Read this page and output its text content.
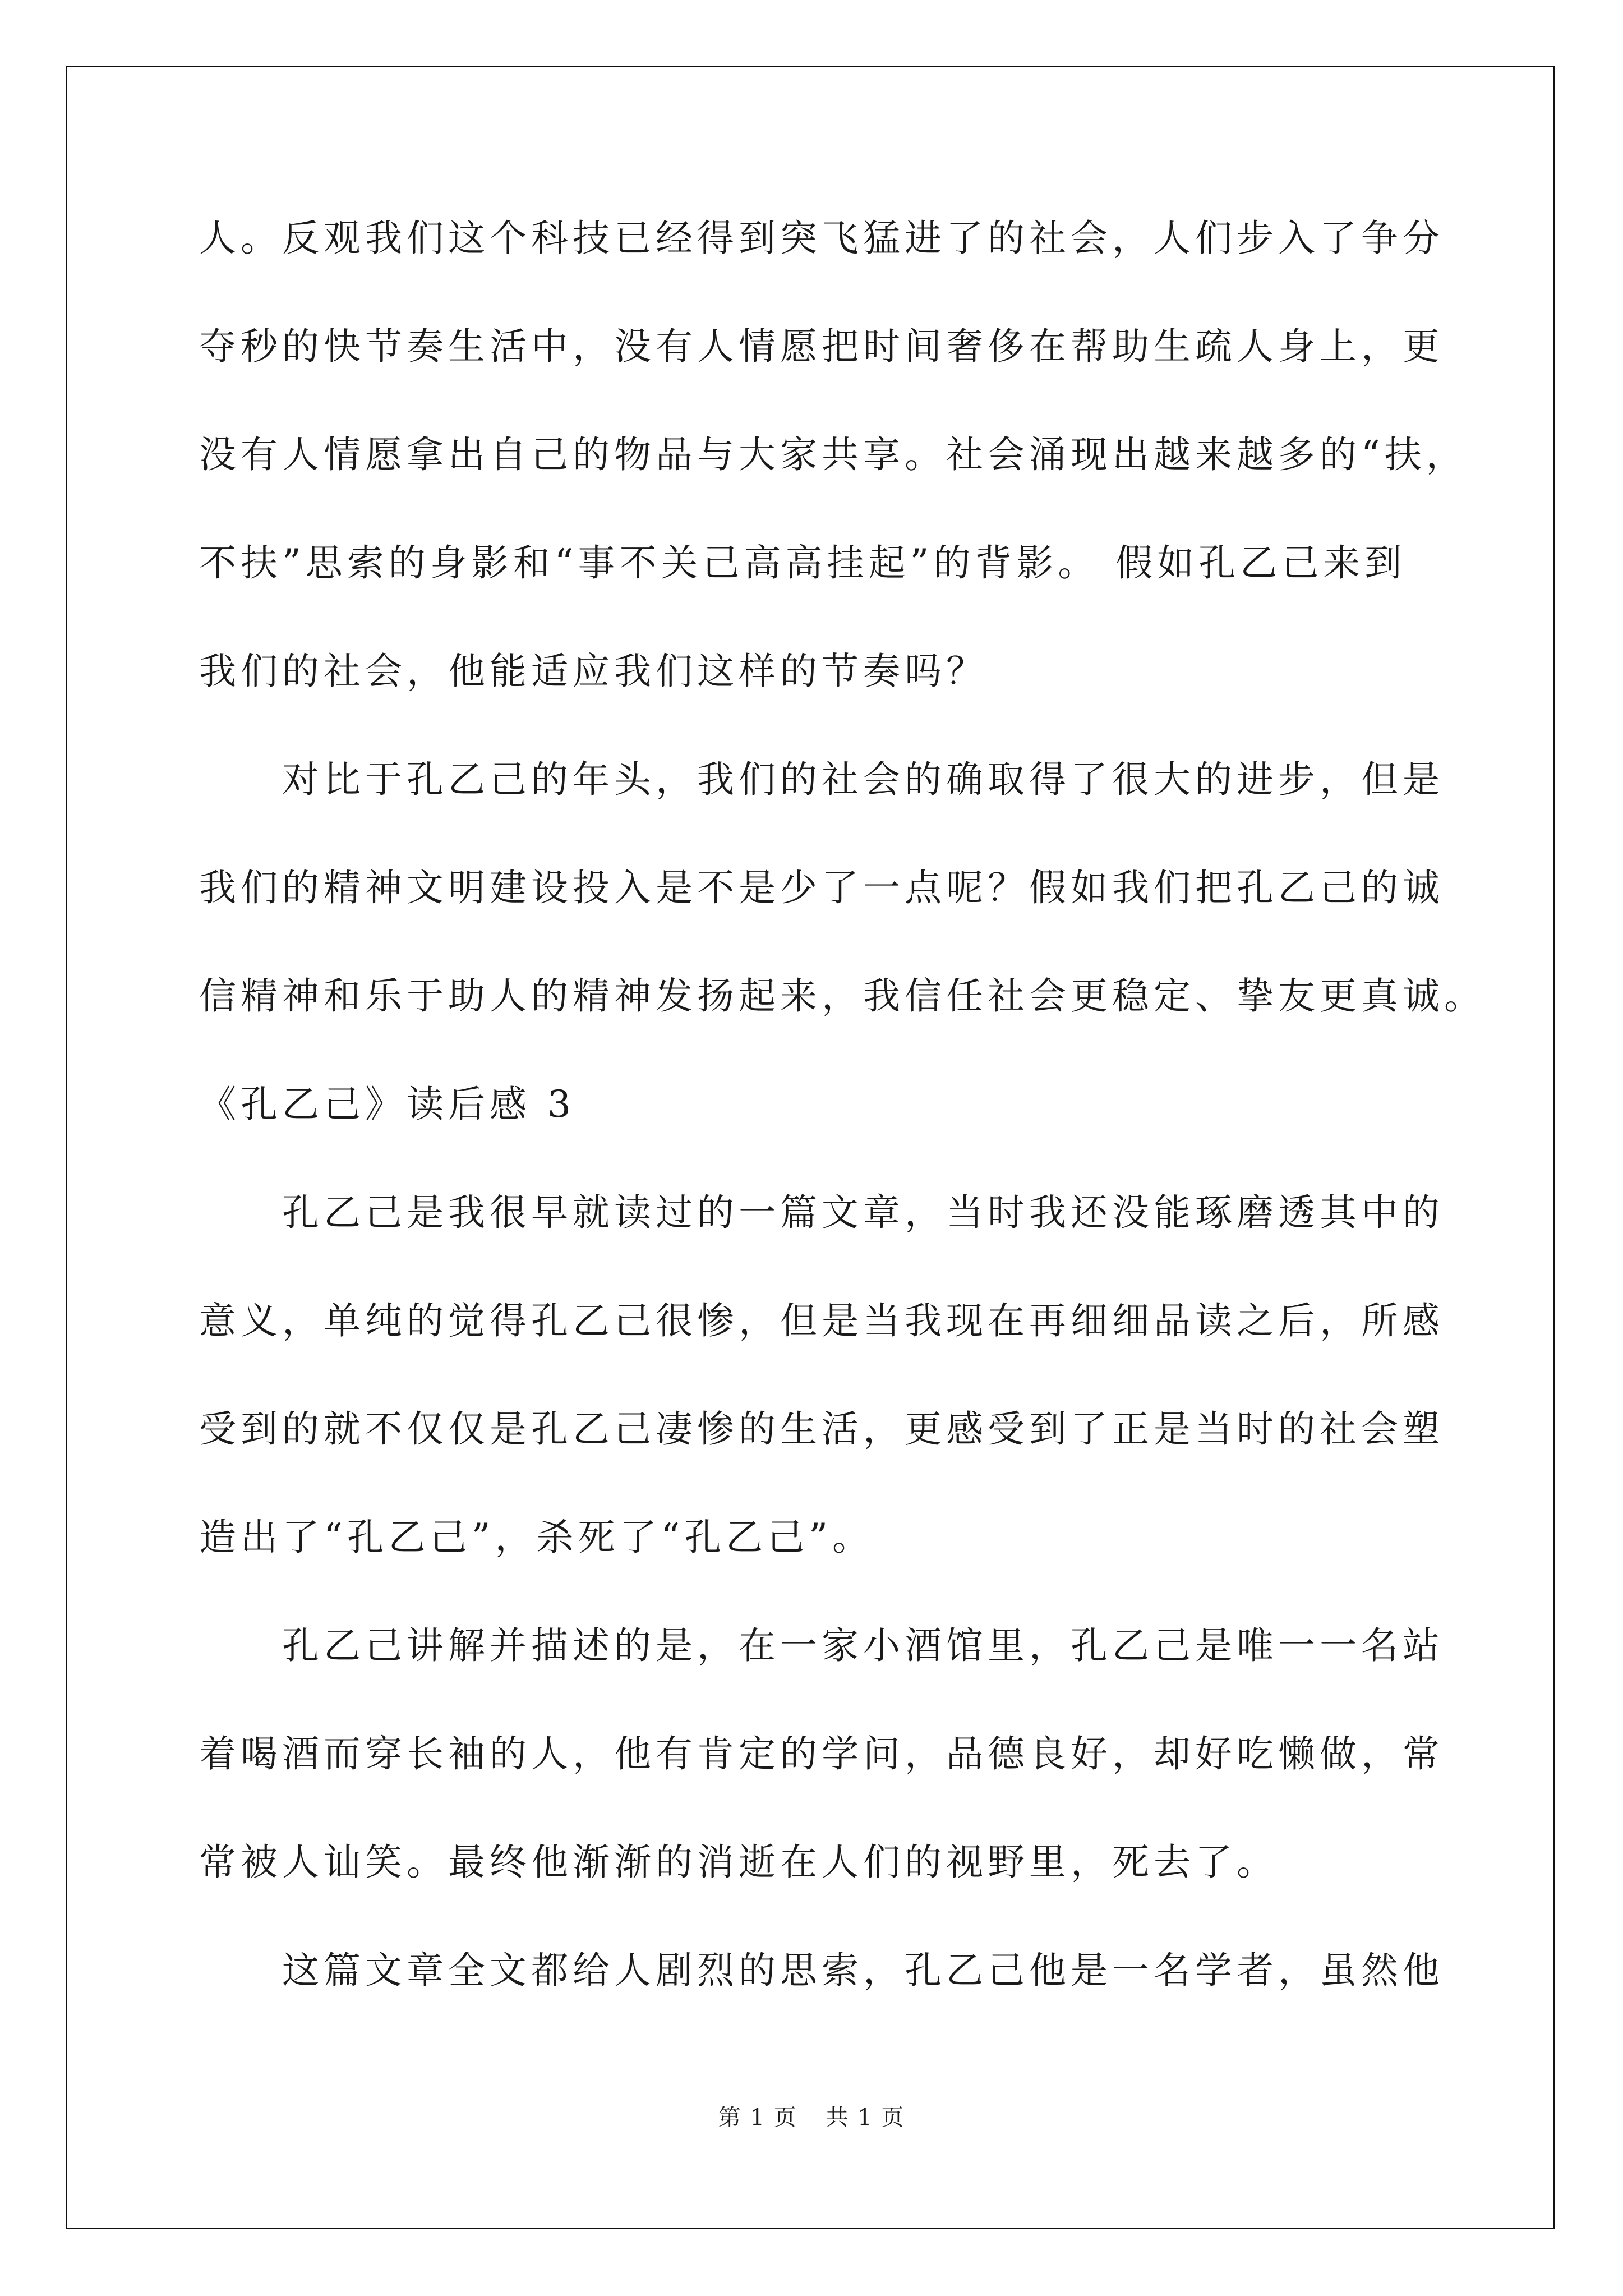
人。反观我们这个科技已经得到突飞猛进了的社会，人们步入了争分
夺秒的快节奏生活中，没有人情愿把时间奢侈在帮助生疏人身上，更
没有人情愿拿出自己的物品与大家共享。社会涌现出越来越多的“扶，
不扶”思索的身影和“事不关己高高挂起”的背影。 假如孔乙己来到
我们的社会，他能适应我们这样的节奏吗？
　　对比于孔乙己的年头，我们的社会的确取得了很大的进步，但是
我们的精神文明建设投入是不是少了一点呢？假如我们把孔乙己的诚
信精神和乐于助人的精神发扬起来，我信任社会更稳定、挚友更真诚。
《孔乙己》读后感 3
　　孔乙己是我很早就读过的一篇文章，当时我还没能琢磨透其中的
意义，单纯的觉得孔乙己很惨，但是当我现在再细细品读之后，所感
受到的就不仅仅是孔乙己凄惨的生活，更感受到了正是当时的社会塑
造出了“孔乙己”，杀死了“孔乙己”。
　　孔乙己讲解并描述的是，在一家小酒馆里，孔乙己是唯一一名站
着喝酒而穿长袖的人，他有肯定的学问，品德良好，却好吃懒做，常
常被人讪笑。最终他渐渐的消逝在人们的视野里，死去了。
　　这篇文章全文都给人剧烈的思索，孔乙己他是一名学者，虽然他
第 1 页 共 1 页
